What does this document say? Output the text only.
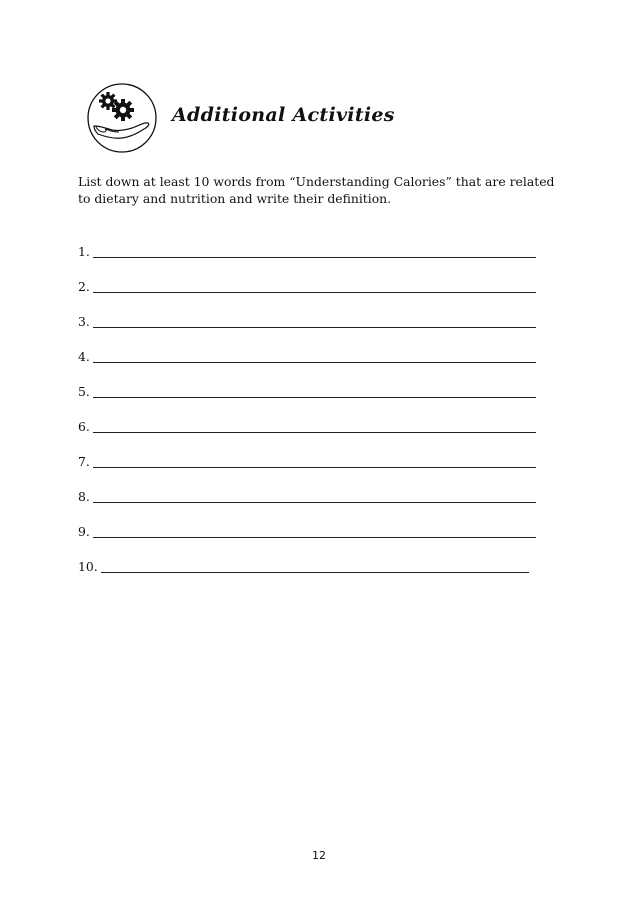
Additional Activities

List down at least 10 words from “Understanding Calories” that are related to dietary and nutrition and write their definition.

1.
2.
3.
4.
5.
6.
7.
8.
9.
10.
12
